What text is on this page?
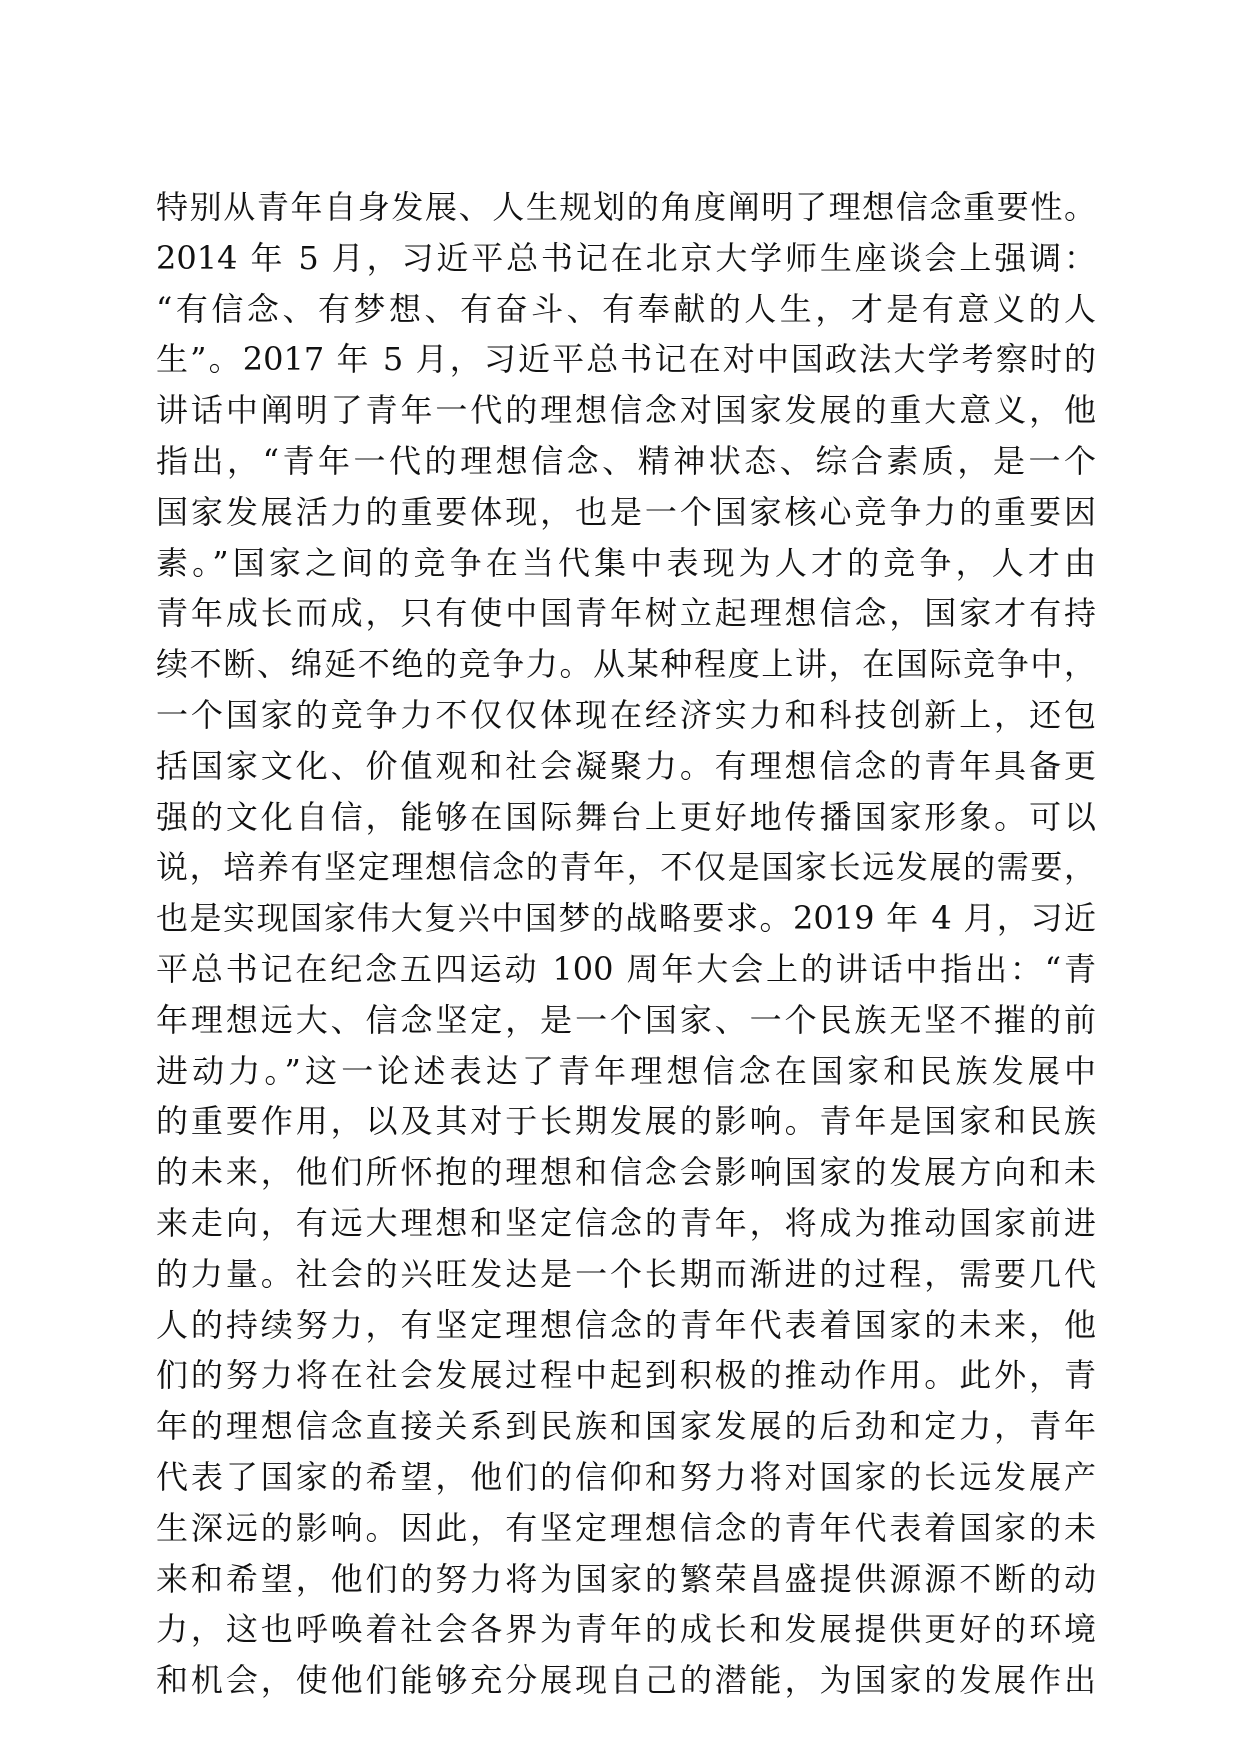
特别从青年自身发展、人生规划的角度阐明了理想信念重要性。
2014 年 5 月，习近平总书记在北京大学师生座谈会上强调：
“有信念、有梦想、有奋斗、有奉献的人生，才是有意义的人
生”。2017 年 5 月，习近平总书记在对中国政法大学考察时的
讲话中阐明了青年一代的理想信念对国家发展的重大意义，他
指出，“青年一代的理想信念、精神状态、综合素质，是一个
国家发展活力的重要体现，也是一个国家核心竞争力的重要因
素。”国家之间的竞争在当代集中表现为人才的竞争，人才由
青年成长而成，只有使中国青年树立起理想信念，国家才有持
续不断、绵延不绝的竞争力。从某种程度上讲，在国际竞争中，
一个国家的竞争力不仅仅体现在经济实力和科技创新上，还包
括国家文化、价值观和社会凝聚力。有理想信念的青年具备更
强的文化自信，能够在国际舞台上更好地传播国家形象。可以
说，培养有坚定理想信念的青年，不仅是国家长远发展的需要，
也是实现国家伟大复兴中国梦的战略要求。2019 年 4 月，习近
平总书记在纪念五四运动 100 周年大会上的讲话中指出：“青
年理想远大、信念坚定，是一个国家、一个民族无坚不摧的前
进动力。”这一论述表达了青年理想信念在国家和民族发展中
的重要作用，以及其对于长期发展的影响。青年是国家和民族
的未来，他们所怀抱的理想和信念会影响国家的发展方向和未
来走向，有远大理想和坚定信念的青年，将成为推动国家前进
的力量。社会的兴旺发达是一个长期而渐进的过程，需要几代
人的持续努力，有坚定理想信念的青年代表着国家的未来，他
们的努力将在社会发展过程中起到积极的推动作用。此外，青
年的理想信念直接关系到民族和国家发展的后劲和定力，青年
代表了国家的希望，他们的信仰和努力将对国家的长远发展产
生深远的影响。因此，有坚定理想信念的青年代表着国家的未
来和希望，他们的努力将为国家的繁荣昌盛提供源源不断的动
力，这也呼唤着社会各界为青年的成长和发展提供更好的环境
和机会，使他们能够充分展现自己的潜能，为国家的发展作出
